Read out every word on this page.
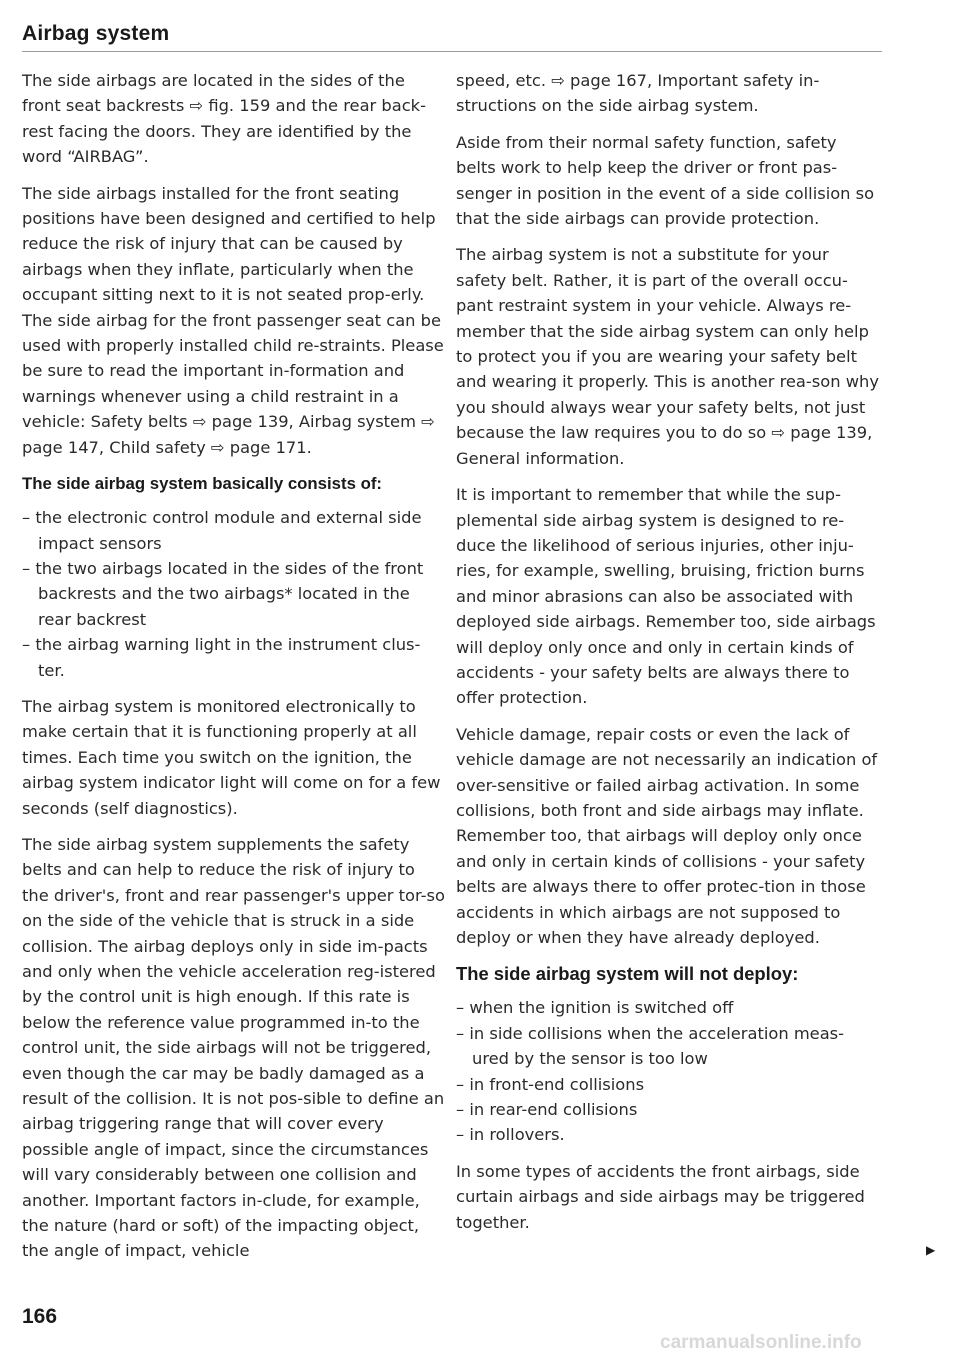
Airbag system

The side airbags are located in the sides of the front seat backrests ⇨ fig. 159 and the rear back-rest facing the doors. They are identified by the word “AIRBAG”.

The side airbags installed for the front seating positions have been designed and certified to help reduce the risk of injury that can be caused by airbags when they inflate, particularly when the occupant sitting next to it is not seated prop-erly. The side airbag for the front passenger seat can be used with properly installed child re-straints. Please be sure to read the important in-formation and warnings whenever using a child restraint in a vehicle: Safety belts ⇨ page 139, Airbag system ⇨ page 147, Child safety ⇨ page 171.

The side airbag system basically consists of:
– the electronic control module and external side impact sensors
– the two airbags located in the sides of the front backrests and the two airbags* located in the rear backrest
– the airbag warning light in the instrument clus-ter.

The airbag system is monitored electronically to make certain that it is functioning properly at all times. Each time you switch on the ignition, the airbag system indicator light will come on for a few seconds (self diagnostics).

The side airbag system supplements the safety belts and can help to reduce the risk of injury to the driver's, front and rear passenger's upper tor-so on the side of the vehicle that is struck in a side collision. The airbag deploys only in side im-pacts and only when the vehicle acceleration reg-istered by the control unit is high enough. If this rate is below the reference value programmed in-to the control unit, the side airbags will not be triggered, even though the car may be badly damaged as a result of the collision. It is not pos-sible to define an airbag triggering range that will cover every possible angle of impact, since the circumstances will vary considerably between one collision and another. Important factors in-clude, for example, the nature (hard or soft) of the impacting object, the angle of impact, vehicle

speed, etc. ⇨ page 167, Important safety in-structions on the side airbag system.

Aside from their normal safety function, safety belts work to help keep the driver or front pas-senger in position in the event of a side collision so that the side airbags can provide protection.

The airbag system is not a substitute for your safety belt. Rather, it is part of the overall occu-pant restraint system in your vehicle. Always re-member that the side airbag system can only help to protect you if you are wearing your safety belt and wearing it properly. This is another rea-son why you should always wear your safety belts, not just because the law requires you to do so ⇨ page 139, General information.

It is important to remember that while the sup-plemental side airbag system is designed to re-duce the likelihood of serious injuries, other inju-ries, for example, swelling, bruising, friction burns and minor abrasions can also be associated with deployed side airbags. Remember too, side airbags will deploy only once and only in certain kinds of accidents - your safety belts are always there to offer protection.

Vehicle damage, repair costs or even the lack of vehicle damage are not necessarily an indication of over-sensitive or failed airbag activation. In some collisions, both front and side airbags may inflate. Remember too, that airbags will deploy only once and only in certain kinds of collisions - your safety belts are always there to offer protec-tion in those accidents in which airbags are not supposed to deploy or when they have already deployed.

The side airbag system will not deploy:
– when the ignition is switched off
– in side collisions when the acceleration meas-ured by the sensor is too low
– in front-end collisions
– in rear-end collisions
– in rollovers.

In some types of accidents the front airbags, side curtain airbags and side airbags may be triggered together.

▶
166
carmanualsonline.info
